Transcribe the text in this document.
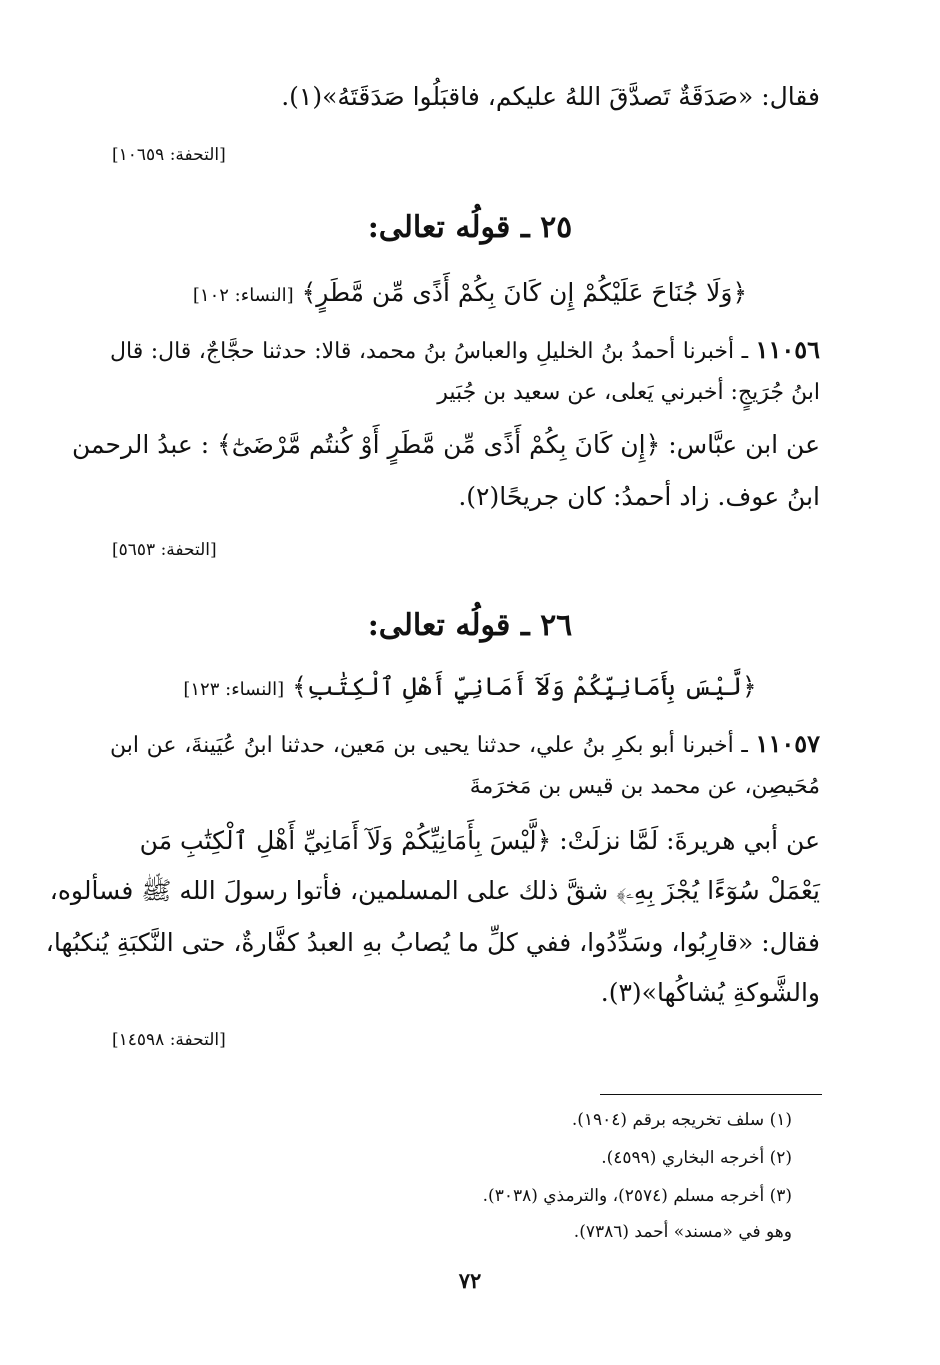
فقال: «صَدَقَةٌ تَصدَّقَ اللهُ عليكم، فاقبَلُوا صَدَقَتَهُ»(١).
[التحفة: ١٠٦٥٩]
٢٥ ـ قولُه تعالى:
﴿وَلَا جُنَاحَ عَلَيْكُمْ إِن كَانَ بِكُمْ أَذًى مِّن مَّطَرٍ﴾ [النساء: ١٠٢]
١١٠٥٦ ـ أخبرنا أحمدُ بنُ الخليلِ والعباسُ بنُ محمد، قالا: حدثنا حجَّاجٌ، قال: قال
ابنُ جُرَيجٍ: أخبرني يَعلى، عن سعيد بن جُبَير
عن ابن عبَّاس: ﴿إِن كَانَ بِكُمْ أَذًى مِّن مَّطَرٍ أَوْ كُنتُم مَّرْضَىٰٓ﴾ : عبدُ الرحمن
ابنُ عوف. زاد أحمدُ: كان جريحًا(٢).
[التحفة: ٥٦٥٣]
٢٦ ـ قولُه تعالى:
﴿لَّيْسَ بِأَمَانِيِّكُمْ وَلَآ أَمَانِيِّ أَهْلِ ٱلْكِتَٰبِ﴾ [النساء: ١٢٣]
١١٠٥٧ ـ أخبرنا أبو بكرِ بنُ علي، حدثنا يحيى بن مَعين، حدثنا ابنُ عُيَينةَ، عن ابن
مُحَيصِن، عن محمد بن قيس بن مَخرَمةَ
عن أبي هريرةَ: لَمَّا نزلَتْ: ﴿لَّيْسَ بِأَمَانِيِّكُمْ وَلَآ أَمَانِيِّ أَهْلِ ٱلْكِتَٰبِ مَن
يَعْمَلْ سُوٓءًا يُجْزَ بِهِۦ﴾ شقَّ ذلك على المسلمين، فأتوا رسولَ الله ﷺ فسألوه،
فقال: «قارِبُوا، وسَدِّدُوا، ففي كلِّ ما يُصابُ بهِ العبدُ كفَّارةٌ، حتى النَّكبَةِ يُنكبُها،
والشَّوكةِ يُشاكُها»(٣).
[التحفة: ١٤٥٩٨]
(١) سلف تخريجه برقم (١٩٠٤).
(٢) أخرجه البخاري (٤٥٩٩).
(٣) أخرجه مسلم (٢٥٧٤)، والترمذي (٣٠٣٨).
وهو في «مسند» أحمد (٧٣٨٦).
٧٢
